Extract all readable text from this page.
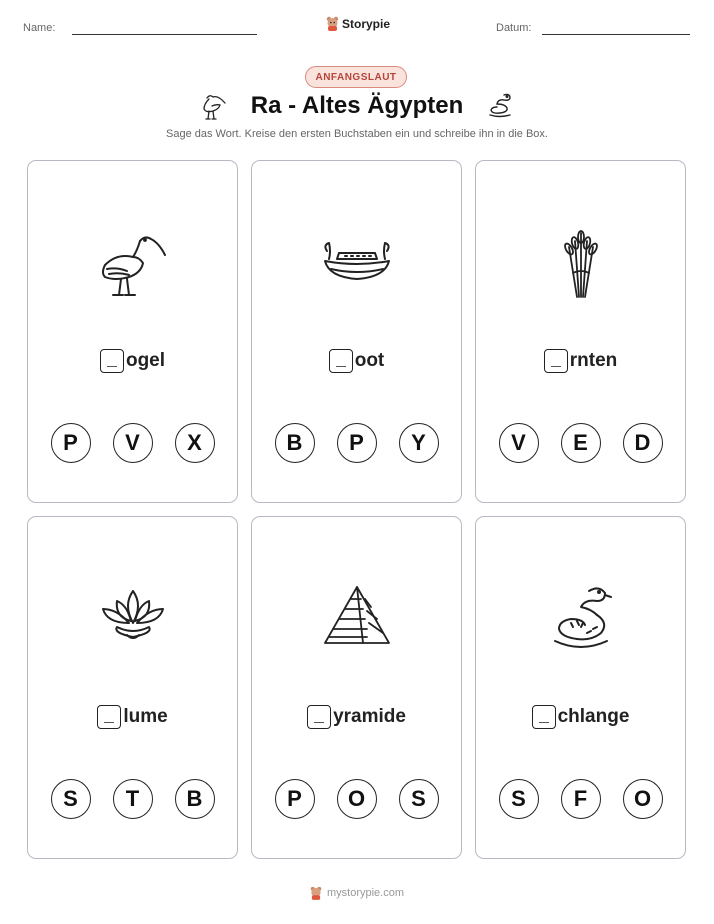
Name:	Storypie	Datum:
ANFANGSLAUT
Ra - Altes Ägypten
Sage das Wort. Kreise den ersten Buchstaben ein und schreibe ihn in die Box.
ogel
P	V	X
oot
B	P	Y
rnten
V	E	D
lume
S	T	B
yramide
P	O	S
chlange
S	F	O
mystorypie.com
